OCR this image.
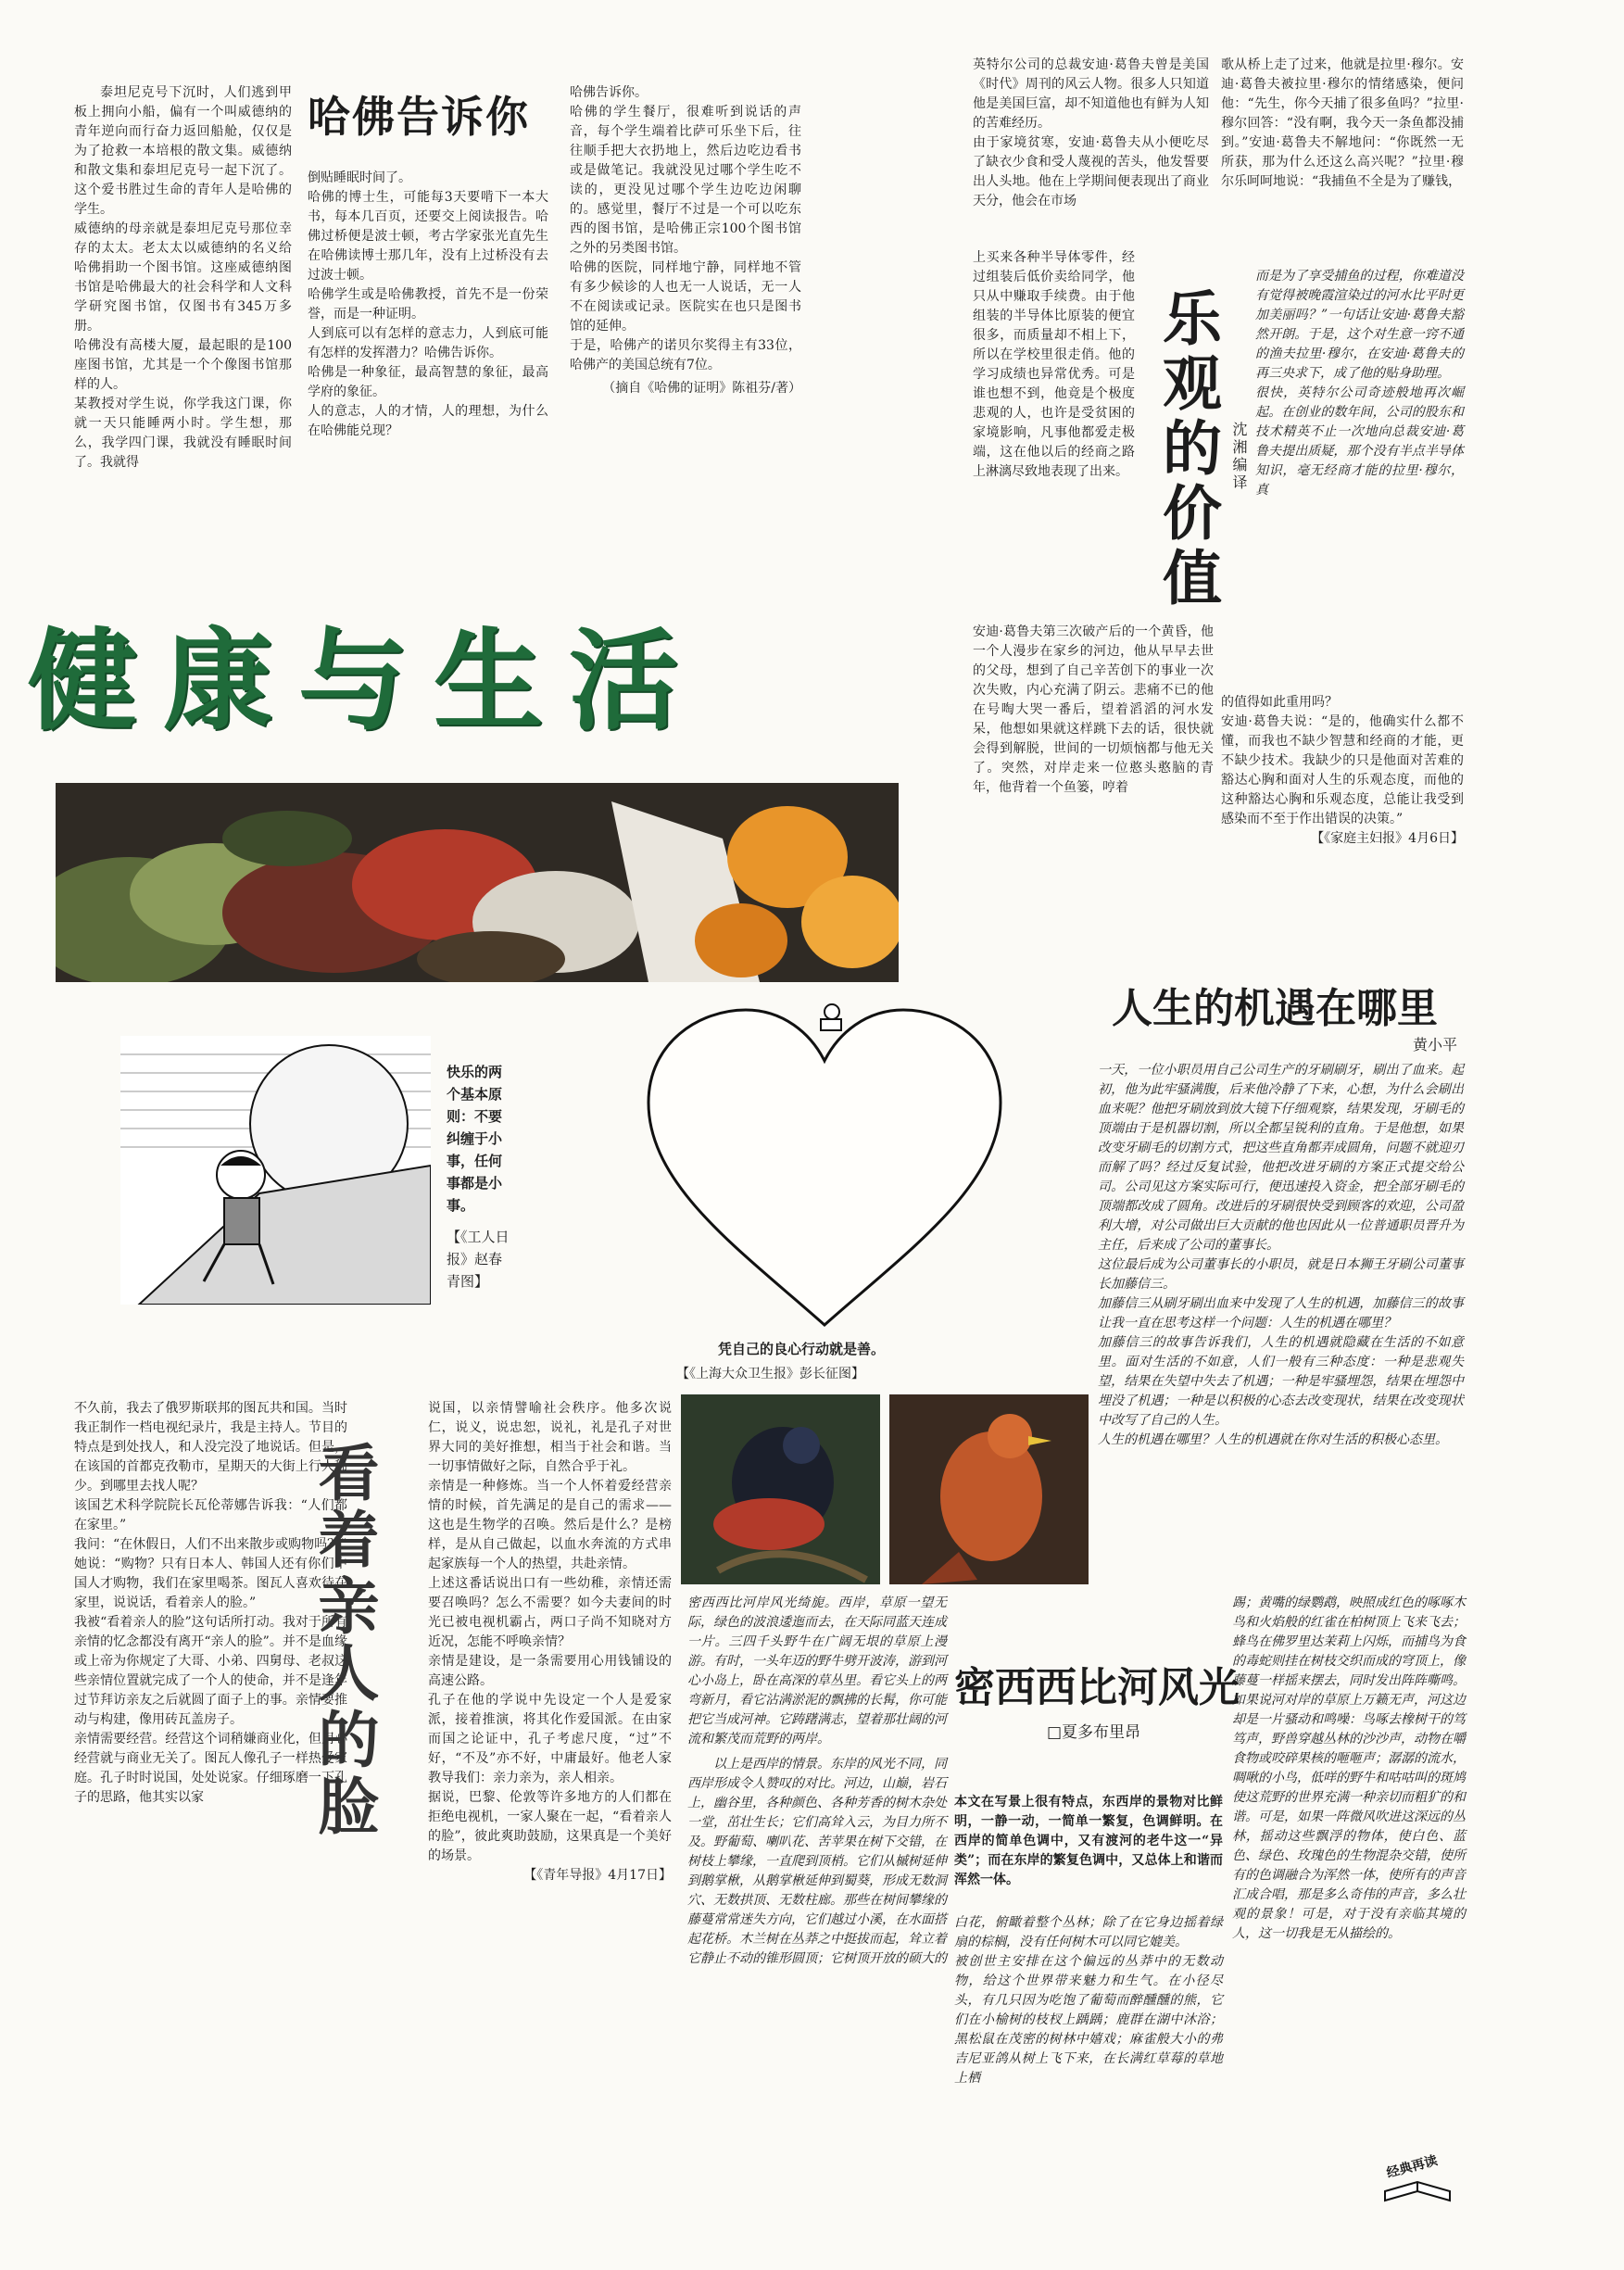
泰坦尼克号下沉时，人们逃到甲板上拥向小船，偏有一个叫威德纳的青年逆向而行奋力返回船舱，仅仅是为了抢救一本培根的散文集。威德纳和散文集和泰坦尼克号一起下沉了。这个爱书胜过生命的青年人是哈佛的学生。
威德纳的母亲就是泰坦尼克号那位幸存的太太。老太太以威德纳的名义给哈佛捐助一个图书馆。这座威德纳图书馆是哈佛最大的社会科学和人文科学研究图书馆，仅图书有345万多册。
哈佛没有高楼大厦，最起眼的是100座图书馆，尤其是一个个像图书馆那样的人。
某教授对学生说，你学我这门课，你就一天只能睡两小时。学生想，那么，我学四门课，我就没有睡眠时间了。我就得
哈佛告诉你
倒贴睡眠时间了。
哈佛的博士生，可能每3天要啃下一本大书，每本几百页，还要交上阅读报告。哈佛过桥便是波士顿，考古学家张光直先生在哈佛读博士那几年，没有上过桥没有去过波士顿。
哈佛学生或是哈佛教授，首先不是一份荣誉，而是一种证明。
人到底可以有怎样的意志力，人到底可能有怎样的发挥潜力？哈佛告诉你。
哈佛是一种象征，最高智慧的象征，最高学府的象征。
人的意志，人的才情，人的理想，为什么在哈佛能兑现？
哈佛告诉你。
哈佛的学生餐厅，很难听到说话的声音，每个学生端着比萨可乐坐下后，往往顺手把大衣扔地上，然后边吃边看书或是做笔记。我就没见过哪个学生吃不读的，更没见过哪个学生边吃边闲聊的。感觉里，餐厅不过是一个可以吃东西的图书馆，是哈佛正宗100个图书馆之外的另类图书馆。
哈佛的医院，同样地宁静，同样地不管有多少候诊的人也无一人说话，无一人不在阅读或记录。医院实在也只是图书馆的延伸。
于是，哈佛产的诺贝尔奖得主有33位，哈佛产的美国总统有7位。
（摘自《哈佛的证明》陈祖芬/著）
健康与生活
英特尔公司的总裁安迪·葛鲁夫曾是美国《时代》周刊的风云人物。很多人只知道他是美国巨富，却不知道他也有鲜为人知的苦难经历。
由于家境贫寒，安迪·葛鲁夫从小便吃尽了缺衣少食和受人蔑视的苦头，他发誓要出人头地。他在上学期间便表现出了商业天分，他会在市场
上买来各种半导体零件，经过组装后低价卖给同学，他只从中赚取手续费。由于他组装的半导体比原装的便宜很多，而质量却不相上下，所以在学校里很走俏。他的学习成绩也异常优秀。可是谁也想不到，他竟是个极度悲观的人，也许是受贫困的家境影响，凡事他都爱走极端，这在他以后的经商之路上淋漓尽致地表现了出来。 乐观的价值 沈湘编译
安迪·葛鲁夫第三次破产后的一个黄昏，他一个人漫步在家乡的河边，他从早早去世的父母，想到了自己辛苦创下的事业一次次失败，内心充满了阴云。悲痛不已的他在号啕大哭一番后，望着滔滔的河水发呆，他想如果就这样跳下去的话，很快就会得到解脱，世间的一切烦恼都与他无关了。突然，对岸走来一位憨头憨脑的青年，他背着一个鱼篓，哼着
歌从桥上走了过来，他就是拉里·穆尔。安迪·葛鲁夫被拉里·穆尔的情绪感染，便问他：“先生，你今天捕了很多鱼吗？”拉里·穆尔回答：“没有啊，我今天一条鱼都没捕到。”安迪·葛鲁夫不解地问：“你既然一无所获，那为什么还这么高兴呢？”拉里·穆尔乐呵呵地说：“我捕鱼不全是为了赚钱，
而是为了享受捕鱼的过程，你难道没有觉得被晚霞渲染过的河水比平时更加美丽吗？”一句话让安迪·葛鲁夫豁然开朗。于是，这个对生意一窍不通的渔夫拉里·穆尔，在安迪·葛鲁夫的再三央求下，成了他的贴身助理。
很快，英特尔公司奇迹般地再次崛起。在创业的数年间，公司的股东和技术精英不止一次地向总裁安迪·葛鲁夫提出质疑，那个没有半点半导体知识，毫无经商才能的拉里·穆尔，真
的值得如此重用吗？
安迪·葛鲁夫说：“是的，他确实什么都不懂，而我也不缺少智慧和经商的才能，更不缺少技术。我缺少的只是他面对苦难的豁达心胸和面对人生的乐观态度，而他的这种豁达心胸和乐观态度，总能让我受到感染而不至于作出错误的决策。”
【《家庭主妇报》4月6日】
快乐的两个基本原则：不要纠缠于小事，任何事都是小事。
【《工人日报》赵春青图】
凭自己的良心行动就是善。
【《上海大众卫生报》彭长征图】
人生的机遇在哪里
黄小平
一天，一位小职员用自己公司生产的牙刷刷牙，刷出了血来。起初，他为此牢骚满腹，后来他冷静了下来，心想，为什么会刷出血来呢？他把牙刷放到放大镜下仔细观察，结果发现，牙刷毛的顶端由于是机器切割，所以全都呈锐利的直角。于是他想，如果改变牙刷毛的切割方式，把这些直角都弄成圆角，问题不就迎刃而解了吗？经过反复试验，他把改进牙刷的方案正式提交给公司。公司见这方案实际可行，便迅速投入资金，把全部牙刷毛的顶端都改成了圆角。改进后的牙刷很快受到顾客的欢迎，公司盈利大增，对公司做出巨大贡献的他也因此从一位普通职员晋升为主任，后来成了公司的董事长。
这位最后成为公司董事长的小职员，就是日本狮王牙刷公司董事长加藤信三。
加藤信三从刷牙刷出血来中发现了人生的机遇，加藤信三的故事让我一直在思考这样一个问题：人生的机遇在哪里？
加藤信三的故事告诉我们，人生的机遇就隐藏在生活的不如意里。面对生活的不如意，人们一般有三种态度：一种是悲观失望，结果在失望中失去了机遇；一种是牢骚埋怨，结果在埋怨中埋没了机遇；一种是以积极的心态去改变现状，结果在改变现状中改写了自己的人生。
人生的机遇在哪里？人生的机遇就在你对生活的积极心态里。
不久前，我去了俄罗斯联邦的图瓦共和国。当时我正制作一档电视纪录片，我是主持人。节目的特点是到处找人，和人没完没了地说话。但是，在该国的首都克孜勒市，星期天的大街上行人稀少。到哪里去找人呢？
该国艺术科学院院长瓦伦蒂娜告诉我：“人们都在家里。”
我问：“在休假日，人们不出来散步或购物吗？”
她说：“购物？只有日本人、韩国人还有你们中国人才购物，我们在家里喝茶。图瓦人喜欢待在家里，说说话，看着亲人的脸。”
我被“看着亲人的脸”这句话所打动。我对于所有亲情的忆念都没有离开“亲人的脸”。并不是血缘或上帝为你规定了大哥、小弟、四舅母、老叔这些亲情位置就完成了一个人的使命，并不是逢年过节拜访亲友之后就圆了面子上的事。亲情要推动与构建，像用砖瓦盖房子。
亲情需要经营。经营这个词稍嫌商业化，但用心经营就与商业无关了。图瓦人像孔子一样热爱家庭。孔子时时说国，处处说家。仔细琢磨一下孔子的思路，他其实以家	看着亲人的脸
说国，以亲情譬喻社会秩序。他多次说仁，说义，说忠恕，说礼，礼是孔子对世界大同的美好推想，相当于社会和谐。当一切事情做好之际，自然合乎于礼。
亲情是一种修炼。当一个人怀着爱经营亲情的时候，首先满足的是自己的需求——这也是生物学的召唤。然后是什么？是榜样，是从自己做起，以血水奔流的方式串起家族每一个人的热望，共赴亲情。
上述这番话说出口有一些幼稚，亲情还需要召唤吗？怎么不需要？如今夫妻间的时光已被电视机霸占，两口子尚不知晓对方近况，怎能不呼唤亲情？
亲情是建设，是一条需要用心用钱铺设的高速公路。
孔子在他的学说中先设定一个人是爱家派，接着推演，将其化作爱国派。在由家而国之论证中，孔子考虑尺度，“过”不好，“不及”亦不好，中庸最好。他老人家教导我们：亲力亲为，亲人相亲。
据说，巴黎、伦敦等许多地方的人们都在拒绝电视机，一家人聚在一起，“看着亲人的脸”，彼此爽助鼓励，这果真是一个美好的场景。
【《青年导报》4月17日】
密西西比河岸风光绮旎。西岸，草原一望无际，绿色的波浪逶迤而去，在天际同蓝天连成一片。三四千头野牛在广阔无垠的草原上漫游。有时，一头年迈的野牛劈开波涛，游到河心小岛上，卧在高深的草丛里。看它头上的两弯新月，看它沾满淤泥的飘拂的长髯，你可能把它当成河神。它踌躇满志，望着那壮阔的河流和繁茂而荒野的两岸。
以上是西岸的情景。东岸的风光不同，同西岸形成令人赞叹的对比。河边，山巅，岩石上，幽谷里，各种颜色、各种芳香的树木杂处一堂，茁壮生长；它们高耸入云，为目力所不及。野葡萄、喇叭花、苦苹果在树下交错，在树枝上攀缘，一直爬到顶梢。它们从槭树延伸到鹅掌楸，从鹅掌楸延伸到蜀葵，形成无数洞穴、无数拱顶、无数柱廊。那些在树间攀缘的藤蔓常常迷失方向，它们越过小溪，在水面搭起花桥。木兰树在丛莽之中挺拔而起，耸立着它静止不动的锥形圆顶；它树顶开放的硕大的
密西西比河风光
□夏多布里昂
本文在写景上很有特点，东西岸的景物对比鲜明，一静一动，一简单一繁复，色调鲜明。在西岸的简单色调中，又有渡河的老牛这一“异类”；而在东岸的繁复色调中，又总体上和谐而浑然一体。
白花，俯瞰着整个丛林；除了在它身边摇着绿扇的棕榈，没有任何树木可以同它媲美。
被创世主安排在这个偏远的丛莽中的无数动物，给这个世界带来魅力和生气。在小径尽头，有几只因为吃饱了葡萄而醉醺醺的熊，它们在小榆树的枝杈上踽踽；鹿群在湖中沐浴；黑松鼠在茂密的树林中嬉戏；麻雀般大小的弗吉尼亚鸽从树上飞下来，在长满红草莓的草地上栖
踢；黄嘴的绿鹦鹉，映照成红色的啄啄木鸟和火焰般的红雀在柏树顶上飞来飞去；蜂鸟在佛罗里达茉莉上闪烁，而捕鸟为食的毒蛇则挂在树枝交织而成的穹顶上，像藤蔓一样摇来摆去，同时发出阵阵嘶鸣。
如果说河对岸的草原上万籁无声，河这边却是一片骚动和鸣噪：鸟啄去橡树干的笃笃声，野兽穿越丛林的沙沙声，动物在嚼食物或咬碎果核的咂咂声；潺潺的流水，啁啾的小鸟，低咩的野牛和咕咕叫的斑鸠使这荒野的世界充满一种亲切而粗犷的和谐。可是，如果一阵微风吹进这深远的丛林，摇动这些飘浮的物体，使白色、蓝色、绿色、玫瑰色的生物混杂交错，使所有的色调融合为浑然一体，使所有的声音汇成合唱，那是多么奇伟的声音，多么壮观的景象！可是，对于没有亲临其境的人，这一切我是无从描绘的。
经典再读
